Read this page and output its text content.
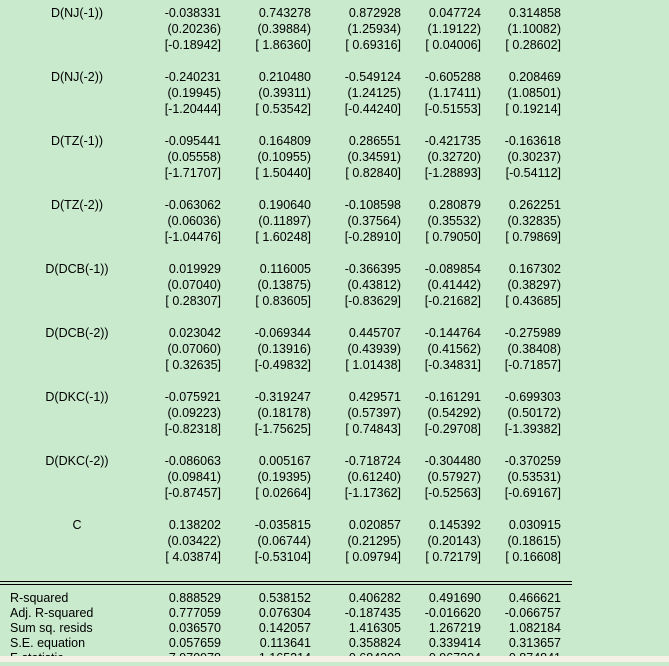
D(NJ(-1))	-0.038331	0.743278	0.872928	0.047724	0.314858
(0.20236)	(0.39884)	(1.25934)	(1.19122)	(1.10082)
[-0.18942]	[ 1.86360]	[ 0.69316]	[ 0.04006]	[ 0.28602]
D(NJ(-2))	-0.240231	0.210480	-0.549124	-0.605288	0.208469
(0.19945)	(0.39311)	(1.24125)	(1.17411)	(1.08501)
[-1.20444]	[ 0.53542]	[-0.44240]	[-0.51553]	[ 0.19214]
D(TZ(-1))	-0.095441	0.164809	0.286551	-0.421735	-0.163618
(0.05558)	(0.10955)	(0.34591)	(0.32720)	(0.30237)
[-1.71707]	[ 1.50440]	[ 0.82840]	[-1.28893]	[-0.54112]
D(TZ(-2))	-0.063062	0.190640	-0.108598	0.280879	0.262251
(0.06036)	(0.11897)	(0.37564)	(0.35532)	(0.32835)
[-1.04476]	[ 1.60248]	[-0.28910]	[ 0.79050]	[ 0.79869]
D(DCB(-1))	0.019929	0.116005	-0.366395	-0.089854	0.167302
(0.07040)	(0.13875)	(0.43812)	(0.41442)	(0.38297)
[ 0.28307]	[ 0.83605]	[-0.83629]	[-0.21682]	[ 0.43685]
D(DCB(-2))	0.023042	-0.069344	0.445707	-0.144764	-0.275989
(0.07060)	(0.13916)	(0.43939)	(0.41562)	(0.38408)
[ 0.32635]	[-0.49832]	[ 1.01438]	[-0.34831]	[-0.71857]
D(DKC(-1))	-0.075921	-0.319247	0.429571	-0.161291	-0.699303
(0.09223)	(0.18178)	(0.57397)	(0.54292)	(0.50172)
[-0.82318]	[-1.75625]	[ 0.74843]	[-0.29708]	[-1.39382]
D(DKC(-2))	-0.086063	0.005167	-0.718724	-0.304480	-0.370259
(0.09841)	(0.19395)	(0.61240)	(0.57927)	(0.53531)
[-0.87457]	[ 0.02664]	[-1.17362]	[-0.52563]	[-0.69167]
C	0.138202	-0.035815	0.020857	0.145392	0.030915
(0.03422)	(0.06744)	(0.21295)	(0.20143)	(0.18615)
[ 4.03874]	[-0.53104]	[ 0.09794]	[ 0.72179]	[ 0.16608]
R-squared	0.888529	0.538152	0.406282	0.491690	0.466621
Adj. R-squared	0.777059	0.076304	-0.187435	-0.016620	-0.066757
Sum sq. resids	0.036570	0.142057	1.416305	1.267219	1.082184
S.E. equation	0.057659	0.113641	0.358824	0.339414	0.313657
